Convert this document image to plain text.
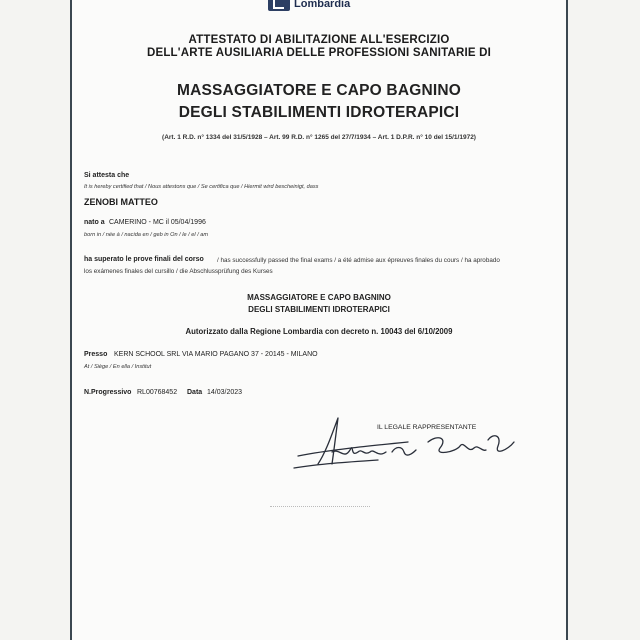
Lombardia
ATTESTATO DI ABILITAZIONE ALL'ESERCIZIO
DELL'ARTE AUSILIARIA DELLE PROFESSIONI SANITARIE DI
MASSAGGIATORE E CAPO BAGNINO
DEGLI STABILIMENTI IDROTERAPICI
(Art. 1 R.D. n° 1334 del 31/5/1928 – Art. 99 R.D. n° 1265 del 27/7/1934 – Art. 1 D.P.R. n° 10 del 15/1/1972)
Si attesta che
It is hereby certified that / Nous attestons que / Se certifica que / Hiermit wird bescheinigt, dass
ZENOBI MATTEO
nato a CAMERINO - MC il 05/04/1996
born in / née à / nacida en / geb in On / le / el / am
ha superato le prove finali del corso / has successfully passed the final exams / a été admise aux épreuves finales du cours / ha aprobado
los exámenes finales del cursillo / die Abschlussprüfung des Kurses
MASSAGGIATORE E CAPO BAGNINO
DEGLI STABILIMENTI IDROTERAPICI
Autorizzato dalla Regione Lombardia con decreto n. 10043 del 6/10/2009
Presso KERN SCHOOL SRL VIA MARIO PAGANO 37 - 20145 - MILANO
At / Siège / En ella / Institut
N.Progressivo RL00768452 Data 14/03/2023
IL LEGALE RAPPRESENTANTE
